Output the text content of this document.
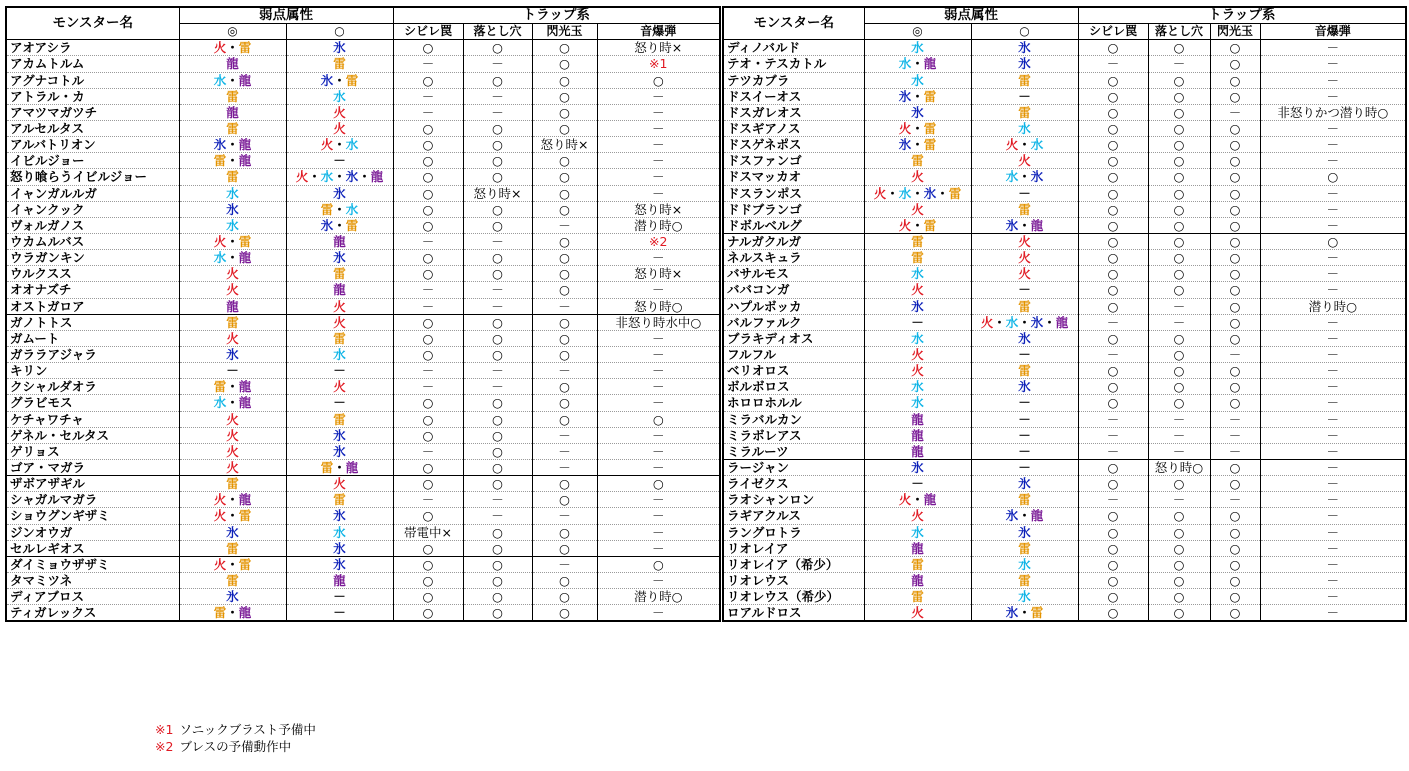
モンスター名	弱点属性		トラップ系			
	◎	○	シビレ罠	落とし穴	閃光玉	音爆弾
アオアシラ	火・雷	氷	○	○	○	怒り時×
アカムトルム	龍	雷	－	－	○	※1
アグナコトル	水・龍	氷・雷	○	○	○	○
アトラル・カ	雷	水	－	－	○	－
アマツマガツチ	龍	火	－	－	○	－
アルセルタス	雷	火	○	○	○	－
アルバトリオン	氷・龍	火・水	○	○	怒り時×	－
イビルジョー	雷・龍	－	○	○	○	－
怒り喰らうイビルジョー	雷	火・水・氷・龍	○	○	○	－
イャンガルルガ	水	氷	○	怒り時×	○	－
イャンクック	氷	雷・水	○	○	○	怒り時×
ヴォルガノス	水	氷・雷	○	○	－	潜り時○
ウカムルバス	火・雷	龍	－	－	○	※2
ウラガンキン	水・龍	氷	○	○	○	－
ウルクスス	火	雷	○	○	○	怒り時×
オオナズチ	火	龍	－	－	○	－
オストガロア	龍	火	－	－	－	怒り時○
ガノトトス	雷	火	○	○	○	非怒り時水中○
ガムート	火	雷	○	○	○	－
ガララアジャラ	氷	水	○	○	○	－
キリン	－	－	－	－	－	－
クシャルダオラ	雷・龍	火	－	－	○	－
グラビモス	水・龍	－	○	○	○	－
ケチャワチャ	火	雷	○	○	○	○
ゲネル・セルタス	火	氷	○	○	－	－
ゲリョス	火	氷	－	○	－	－
ゴア・マガラ	火	雷・龍	○	○	－	－
ザボアザギル	雷	火	○	○	○	○
シャガルマガラ	火・龍	雷	－	－	○	－
ショウグンギザミ	火・雷	氷	○	－	－	－
ジンオウガ	氷	水	帯電中×	○	○	－
セルレギオス	雷	氷	○	○	○	－
ダイミョウザザミ	火・雷	氷	○	○	－	○
タマミツネ	雷	龍	○	○	○	－
ディアブロス	氷	－	○	○	○	潜り時○
ティガレックス	雷・龍	－	○	○	○	－
モンスター名	弱点属性		トラップ系			
	◎	○	シビレ罠	落とし穴	閃光玉	音爆弾
ディノバルド	水	氷	○	○	○	－
テオ・テスカトル	水・龍	氷	－	－	○	－
テツカブラ	水	雷	○	○	○	－
ドスイーオス	氷・雷	－	○	○	○	－
ドスガレオス	氷	雷	○	○	－	非怒りかつ潜り時○
ドスギアノス	火・雷	水	○	○	○	－
ドスゲネポス	氷・雷	火・水	○	○	○	－
ドスファンゴ	雷	火	○	○	○	－
ドスマッカオ	火	水・氷	○	○	○	○
ドスランポス	火・水・氷・雷	－	○	○	○	－
ドドブランゴ	火	雷	○	○	○	－
ドボルベルグ	火・雷	氷・龍	○	○	○	－
ナルガクルガ	雷	火	○	○	○	○
ネルスキュラ	雷	火	○	○	○	－
バサルモス	水	火	○	○	○	－
ババコンガ	火	－	○	○	○	－
ハプルボッカ	氷	雷	○	－	○	潜り時○
バルファルク	－	火・水・氷・龍	－	－	○	－
ブラキディオス	水	氷	○	○	○	－
フルフル	火	－	－	○	－	－
ベリオロス	火	雷	○	○	○	－
ボルボロス	水	氷	○	○	○	－
ホロロホルル	水	－	○	○	○	－
ミラバルカン	龍	－	－	－	－	－
ミラボレアス	龍	－	－	－	－	－
ミラルーツ	龍	－	－	－	－	－
ラージャン	氷	－	○	怒り時○	○	－
ライゼクス	－	氷	○	○	○	－
ラオシャンロン	火・龍	雷	－	－	－	－
ラギアクルス	火	氷・龍	○	○	○	－
ラングロトラ	水	氷	○	○	○	－
リオレイア	龍	雷	○	○	○	－
リオレイア（希少）	雷	水	○	○	○	－
リオレウス	龍	雷	○	○	○	－
リオレウス（希少）	雷	水	○	○	○	－
ロアルドロス	火	氷・雷	○	○	○	－
※1 ソニックブラスト予備中
※2 ブレスの予備動作中
